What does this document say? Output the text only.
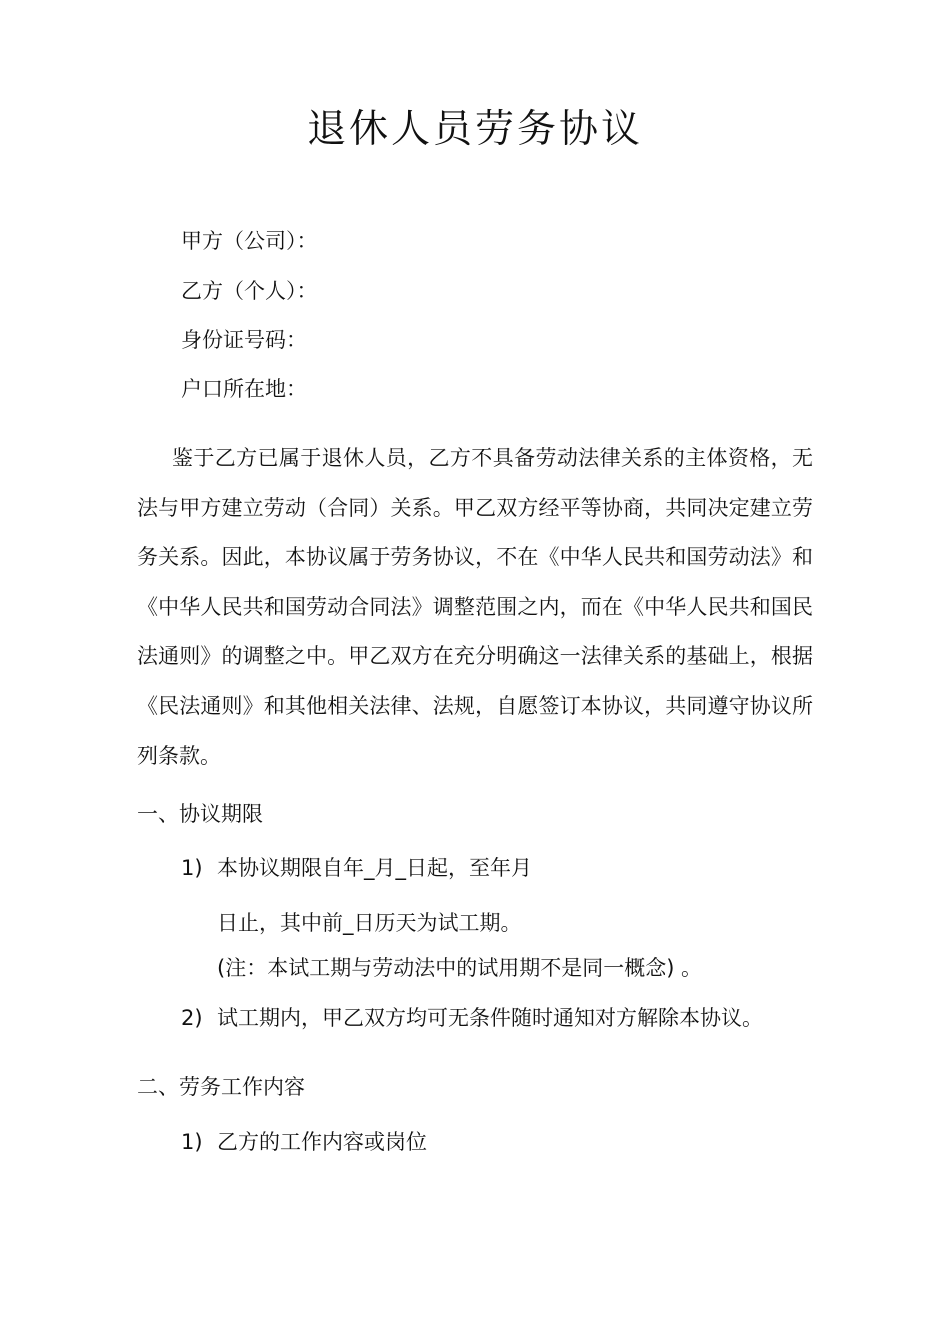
退休人员劳务协议
甲方（公司）：
乙方（个人）：
身份证号码：
户口所在地：
鉴于乙方已属于退休人员，乙方不具备劳动法律关系的主体资格，无法与甲方建立劳动（合同）关系。甲乙双方经平等协商，共同决定建立劳务关系。因此，本协议属于劳务协议，不在《中华人民共和国劳动法》和《中华人民共和国劳动合同法》调整范围之内，而在《中华人民共和国民法通则》的调整之中。甲乙双方在充分明确这一法律关系的基础上，根据《民法通则》和其他相关法律、法规，自愿签订本协议，共同遵守协议所列条款。
一、协议期限
1) 本协议期限自年_月_日起，至年月
日止，其中前_日历天为试工期。
(注：本试工期与劳动法中的试用期不是同一概念) 。
2) 试工期内，甲乙双方均可无条件随时通知对方解除本协议。
二、劳务工作内容
1) 乙方的工作内容或岗位
